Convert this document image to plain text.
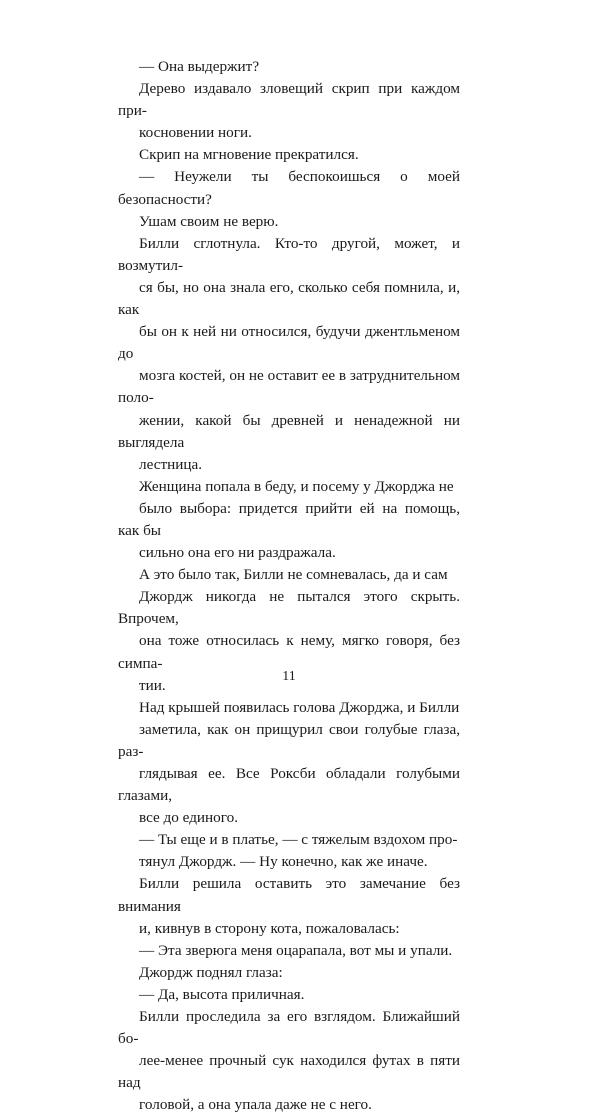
— Она выдержит?

Дерево издавало зловещий скрип при каждом при-
косновении ноги.

Скрип на мгновение прекратился.

— Неужели ты беспокоишься о моей безопасности?
Ушам своим не верю.

Билли сглотнула. Кто-то другой, может, и возмутил-
ся бы, но она знала его, сколько себя помнила, и, как
бы он к ней ни относился, будучи джентльменом до
мозга костей, он не оставит ее в затруднительном поло-
жении, какой бы древней и ненадежной ни выглядела
лестница.

Женщина попала в беду, и посему у Джорджа не
было выбора: придется прийти ей на помощь, как бы
сильно она его ни раздражала.

А это было так, Билли не сомневалась, да и сам
Джордж никогда не пытался этого скрыть. Впрочем,
она тоже относилась к нему, мягко говоря, без симпа-
тии.

Над крышей появилась голова Джорджа, и Билли
заметила, как он прищурил свои голубые глаза, раз-
глядывая ее. Все Роксби обладали голубыми глазами,
все до единого.

— Ты еще и в платье, — с тяжелым вздохом про-
тянул Джордж. — Ну конечно, как же иначе.

Билли решила оставить это замечание без внимания
и, кивнув в сторону кота, пожаловалась:

— Эта зверюга меня оцарапала, вот мы и упали.

Джордж поднял глаза:

— Да, высота приличная.

Билли проследила за его взглядом. Ближайший бо-
лее-менее прочный сук находился футах в пяти над
головой, а она упала даже не с него.

11
